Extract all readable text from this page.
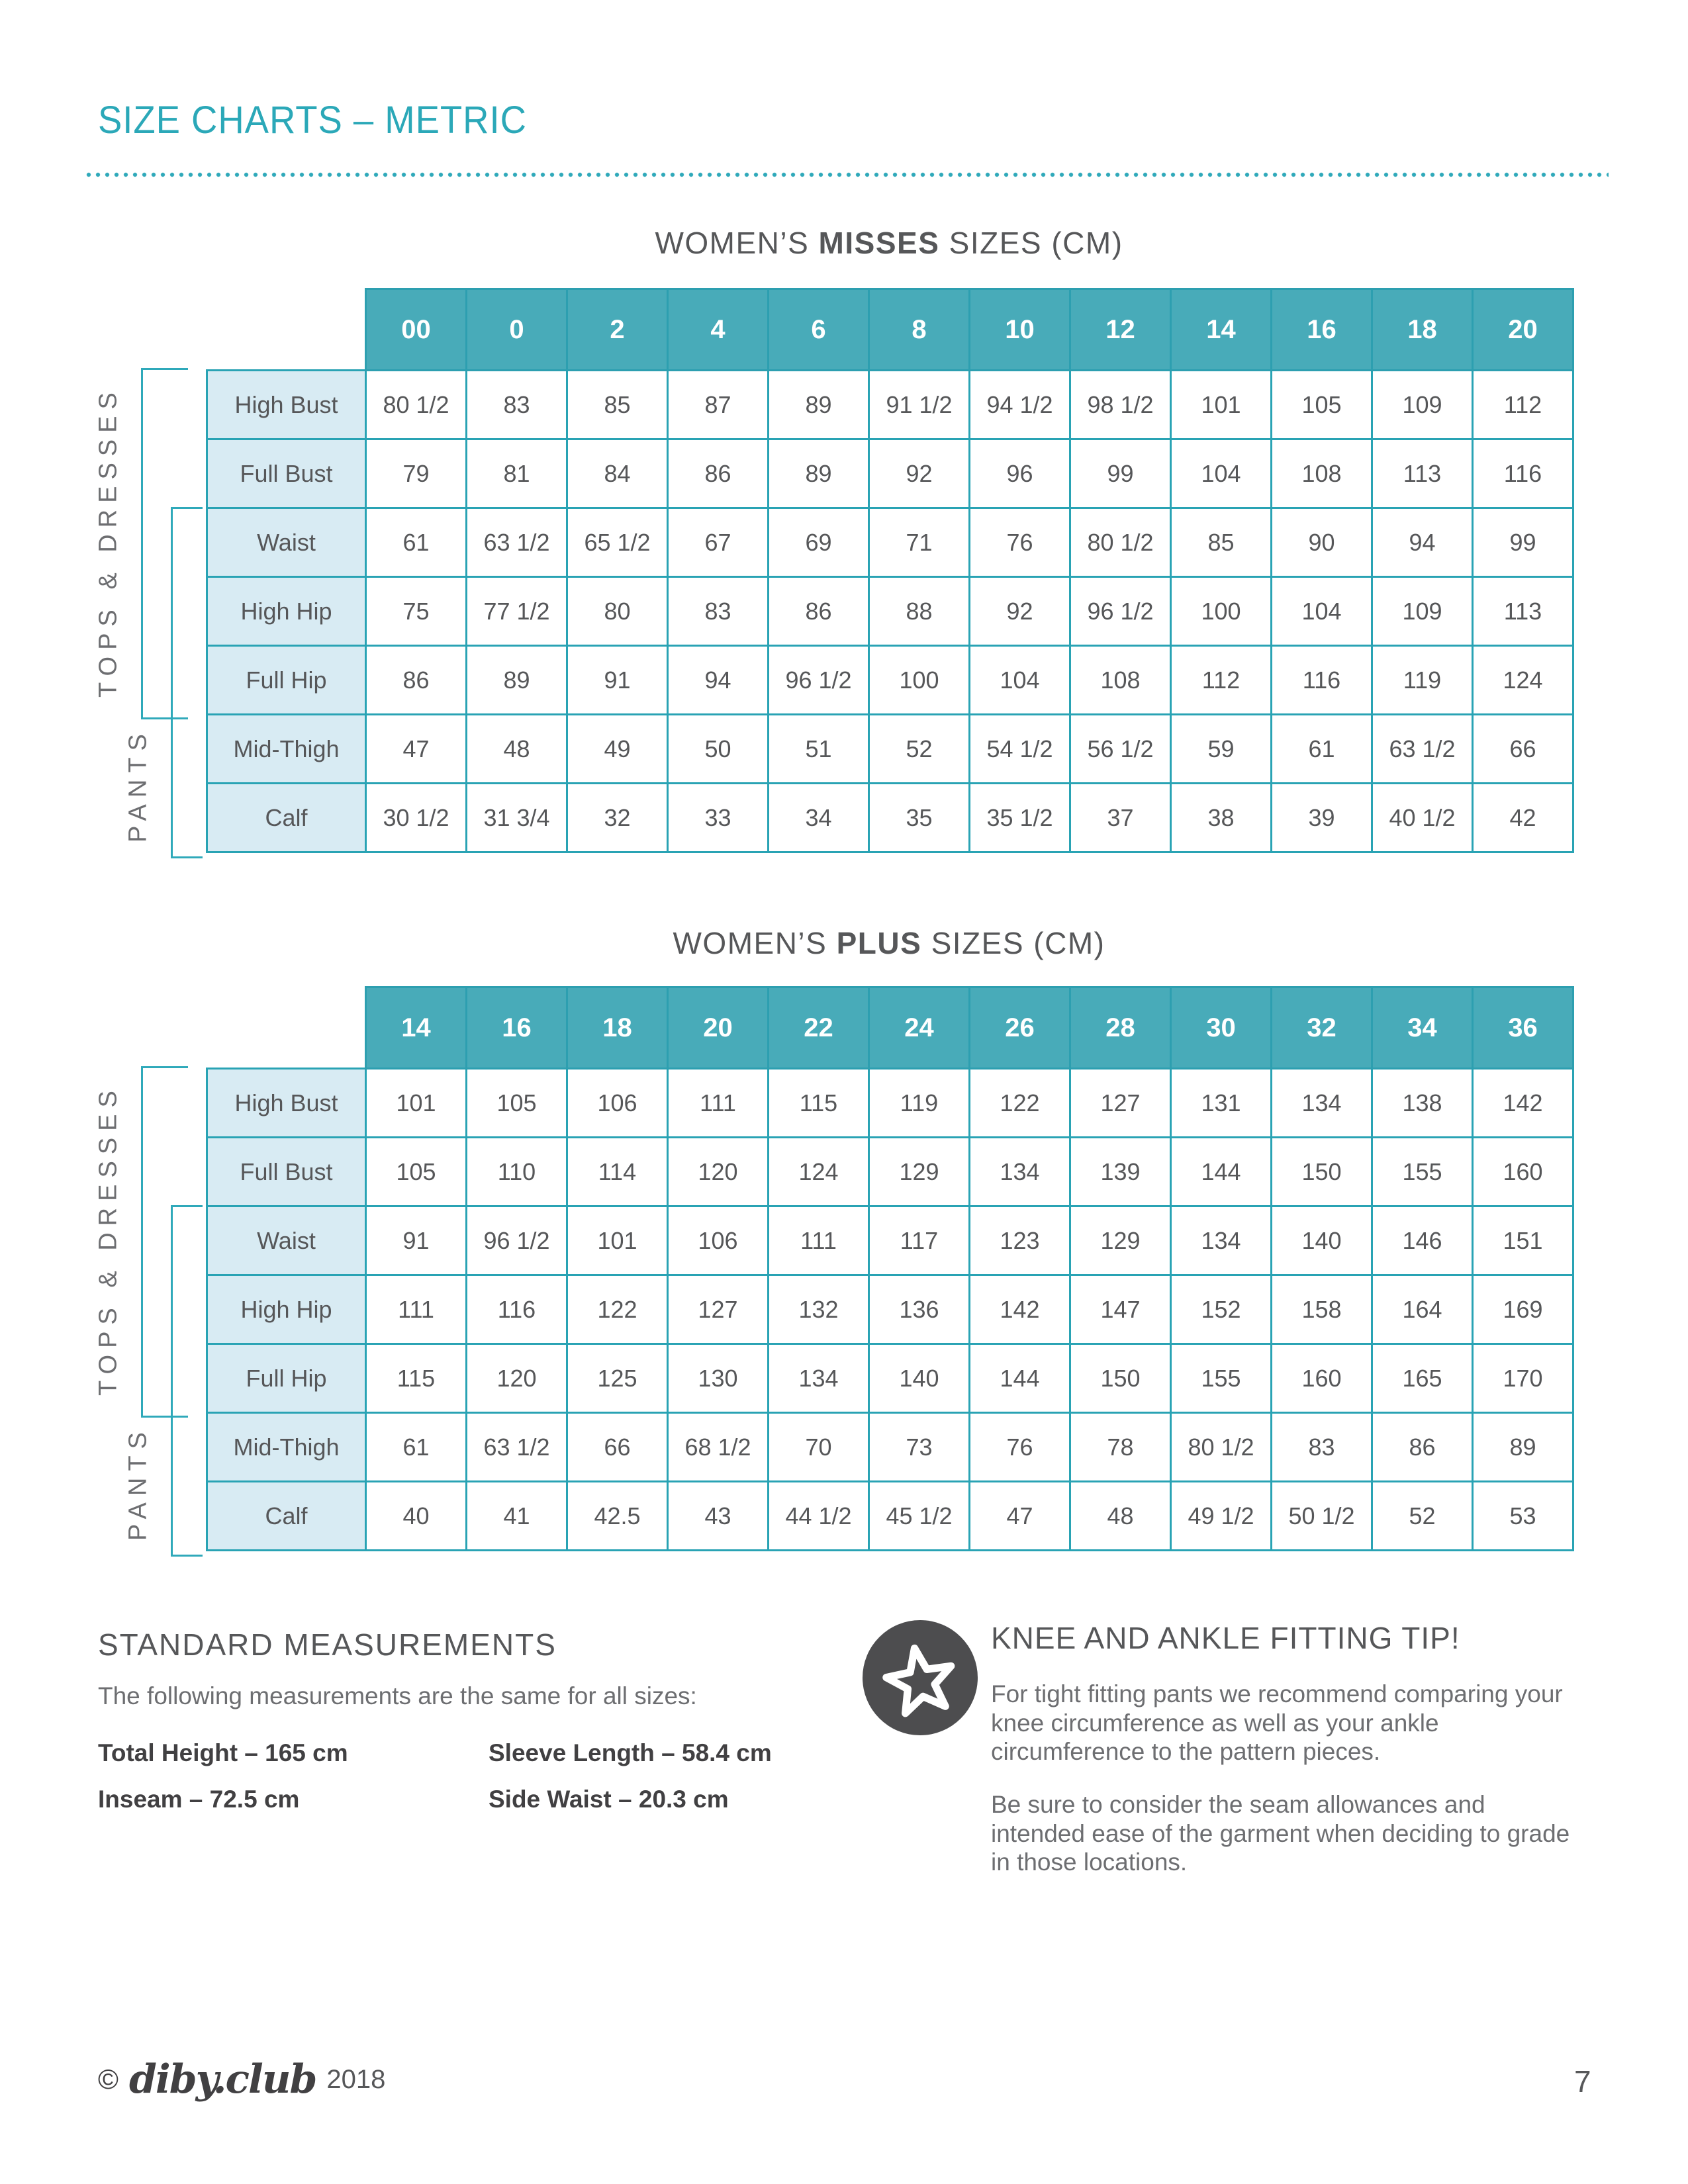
SIZE CHARTS – METRIC
WOMEN’S MISSES SIZES (CM)
TOPS & DRESSES
PANTS
	00	0	2	4	6	8	10	12	14	16	18	20
High Bust	80 1/2	83	85	87	89	91 1/2	94 1/2	98 1/2	101	105	109	112
Full Bust	79	81	84	86	89	92	96	99	104	108	113	116
Waist	61	63 1/2	65 1/2	67	69	71	76	80 1/2	85	90	94	99
High Hip	75	77 1/2	80	83	86	88	92	96 1/2	100	104	109	113
Full Hip	86	89	91	94	96 1/2	100	104	108	112	116	119	124
Mid-Thigh	47	48	49	50	51	52	54 1/2	56 1/2	59	61	63 1/2	66
Calf	30 1/2	31 3/4	32	33	34	35	35 1/2	37	38	39	40 1/2	42
WOMEN’S PLUS SIZES (CM)
TOPS & DRESSES
PANTS
	14	16	18	20	22	24	26	28	30	32	34	36
High Bust	101	105	106	111	115	119	122	127	131	134	138	142
Full Bust	105	110	114	120	124	129	134	139	144	150	155	160
Waist	91	96 1/2	101	106	111	117	123	129	134	140	146	151
High Hip	111	116	122	127	132	136	142	147	152	158	164	169
Full Hip	115	120	125	130	134	140	144	150	155	160	165	170
Mid-Thigh	61	63 1/2	66	68 1/2	70	73	76	78	80 1/2	83	86	89
Calf	40	41	42.5	43	44 1/2	45 1/2	47	48	49 1/2	50 1/2	52	53
STANDARD MEASUREMENTS

The following measurements are the same for all sizes:

Total Height – 165 cm	Sleeve Length – 58.4 cm
Inseam – 72.5 cm	Side Waist – 20.3 cm
KNEE AND ANKLE FITTING TIP!

For tight fitting pants we recommend comparing your knee circumference as well as your ankle circumference to the pattern pieces.

Be sure to consider the seam allowances and intended ease of the garment when deciding to grade in those locations.

© diby.club 2018	7
